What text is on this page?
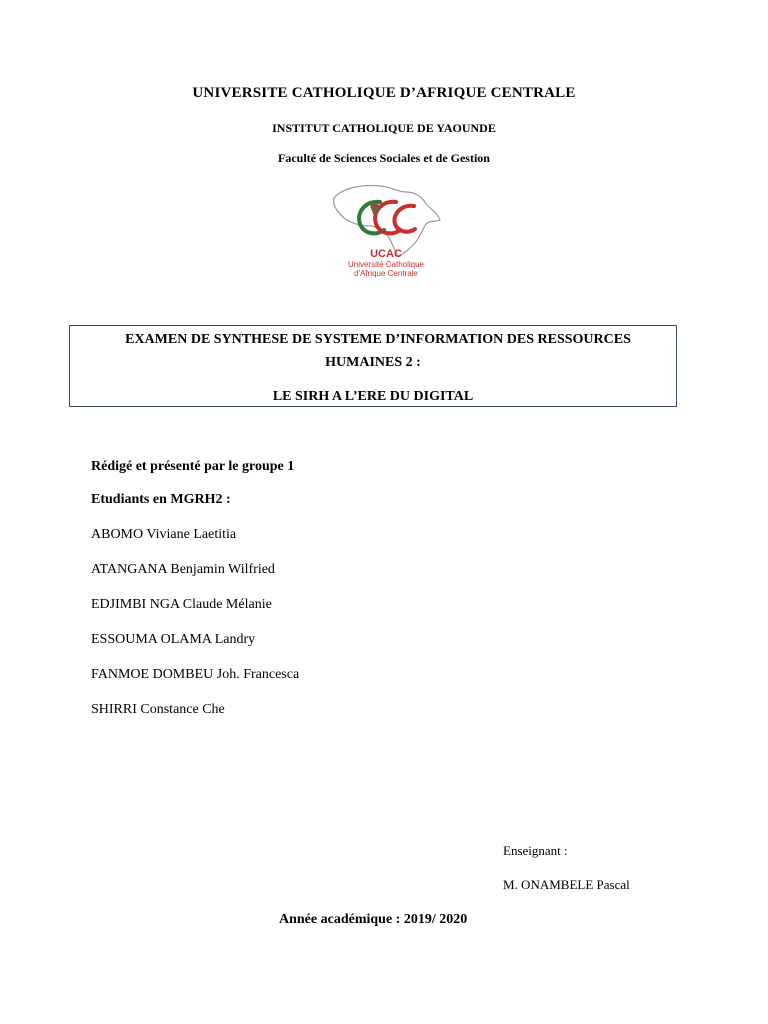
UNIVERSITE CATHOLIQUE D’AFRIQUE CENTRALE
INSTITUT CATHOLIQUE DE YAOUNDE
Faculté de Sciences Sociales et de Gestion
UCAC
Université Catholique
d'Afrique Centrale
EXAMEN DE SYNTHESE DE SYSTEME D’INFORMATION DES RESSOURCES
HUMAINES 2 :
LE SIRH A L’ERE DU DIGITAL
Rédigé et présenté par le groupe 1
Etudiants en MGRH2 :
ABOMO Viviane Laetitia
ATANGANA Benjamin Wilfried
EDJIMBI NGA Claude Mélanie
ESSOUMA OLAMA Landry
FANMOE DOMBEU Joh. Francesca
SHIRRI Constance Che
Enseignant :
M. ONAMBELE Pascal
Année académique : 2019/ 2020
